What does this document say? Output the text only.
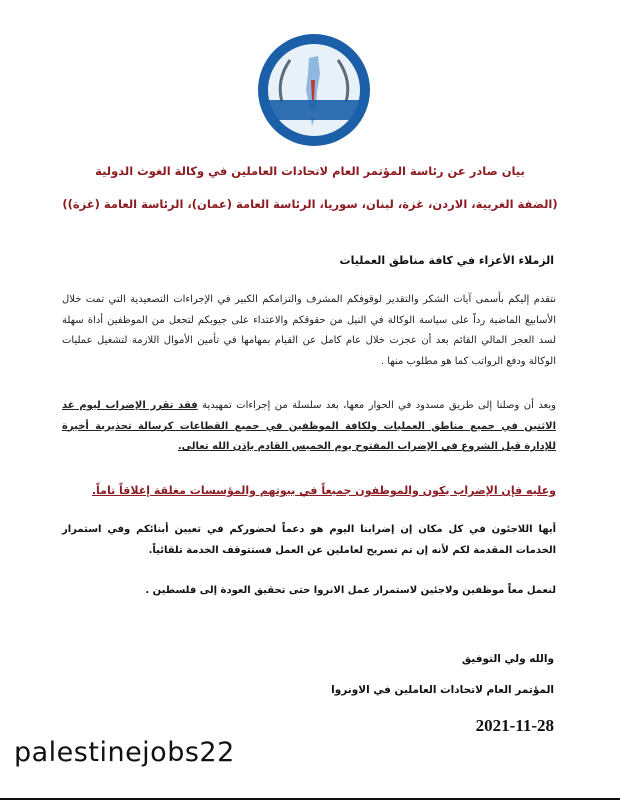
بيان صادر عن رئاسة المؤتمر العام لاتحادات العاملين في وكالة الغوث الدولية
(الضفة الغربية، الاردن، غزة، لبنان، سوريا، الرئاسة العامة (عمان)، الرئاسة العامة (غزة))
الزملاء الأعزاء في كافة مناطق العمليات
نتقدم إليكم بأسمى آيات الشكر والتقدير لوقوفكم المشرف والتزامكم الكبير في الإجراءات التصعيدية التي تمت خلال الأسابيع الماضية رداً على سياسة الوكالة في النيل من حقوقكم والاعتداء على جيوبكم لتجعل من الموظفين أداة سهلة لسد العجز المالي القائم بعد أن عجزت خلال عام كامل عن القيام بمهامها في تأمين الأموال اللازمة لتشغيل عمليات الوكالة ودفع الرواتب كما هو مطلوب منها .
وبعد أن وصلنا إلى طريق مسدود في الحوار معها، بعد سلسلة من إجراءات تمهيدية فقد تقرر الإضراب ليوم غد الاثنين في جميع مناطق العمليات ولكافة الموظفين في جميع القطاعات كرسالة تحذيرية أخيرة للإدارة قبل الشروع في الإضراب المفتوح يوم الخميس القادم بإذن الله تعالى.
وعليه فإن الإضراب يكون والموظفون جميعاً في بيوتهم والمؤسسات مغلقة إغلاقاً تاماً.
أيها اللاجئون في كل مكان إن إضرابنا اليوم هو دعماً لحضوركم في تعيين أبنائكم وفي استمرار الخدمات المقدمة لكم لأنه إن تم تسريح لعاملين عن العمل فستتوقف الخدمة تلقائياً.
لنعمل معاً موظفين ولاجئين لاستمرار عمل الانروا حتى تحقيق العودة إلى فلسطين .
والله ولي التوفيق
المؤتمر العام لاتحادات العاملين في الاونروا
2021-11-28
palestinejobs22
